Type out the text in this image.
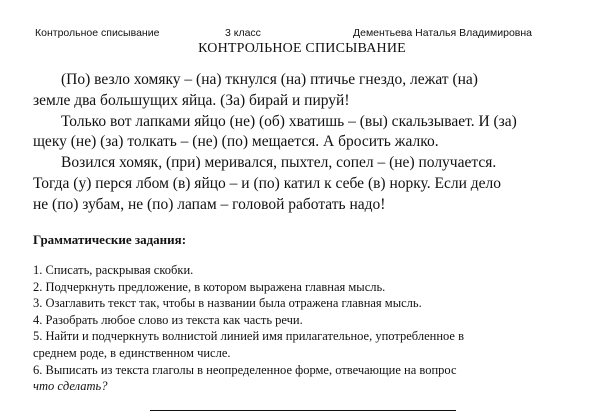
Контрольное списывание	3 класс	Дементьева Наталья Владимировна
КОНТРОЛЬНОЕ СПИСЫВАНИЕ
(По) везло хомяку – (на) ткнулся (на) птичье гнездо, лежат (на)
земле два большущих яйца. (За) бирай и пируй!
Только вот лапками яйцо (не) (об) хватишь – (вы) скальзывает. И (за)
щеку (не) (за) толкать – (не) (по) мещается. А бросить жалко.
Возился хомяк, (при) меривался, пыхтел, сопел – (не) получается.
Тогда (у) перся лбом (в) яйцо – и (по) катил к себе (в) норку. Если дело
не (по) зубам, не (по) лапам – головой работать надо!
Грамматические задания:
1. Списать, раскрывая скобки.
2. Подчеркнуть предложение, в котором выражена главная мысль.
3. Озаглавить текст так, чтобы в названии была отражена главная мысль.
4. Разобрать любое слово из текста как часть речи.
5. Найти и подчеркнуть волнистой линией имя прилагательное, употребленное в
среднем роде, в единственном числе.
6. Выписать из текста глаголы в неопределенное форме, отвечающие на вопрос
что сделать?
